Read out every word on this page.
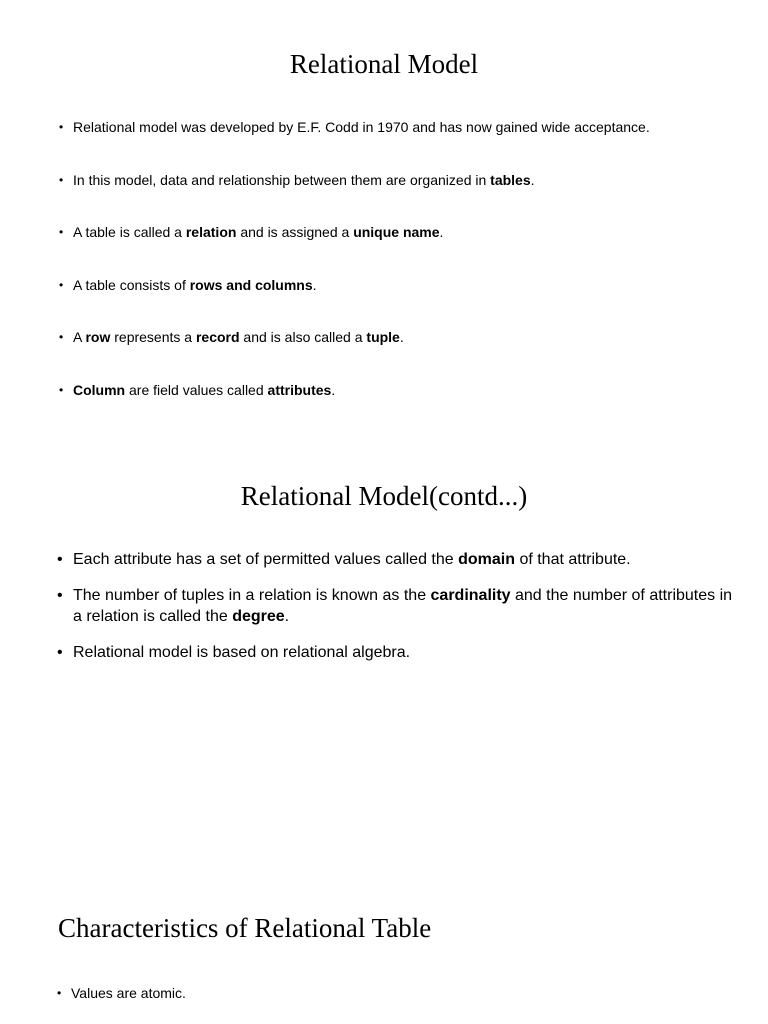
Relational Model
• Relational model was developed by E.F. Codd in 1970 and has now gained wide acceptance.
• In this model, data and relationship between them are organized in tables.
• A table is called a relation and is assigned a unique name.
• A table consists of rows and columns.
• A row represents a record and is also called a tuple.
• Column are field values called attributes.
Relational Model(contd...)
• Each attribute has a set of permitted values called the domain of that attribute.
• The number of tuples in a relation is known as the cardinality and the number of attributes in a relation is called the degree.
• Relational model is based on relational algebra.
Characteristics of Relational Table
• Values are atomic.
